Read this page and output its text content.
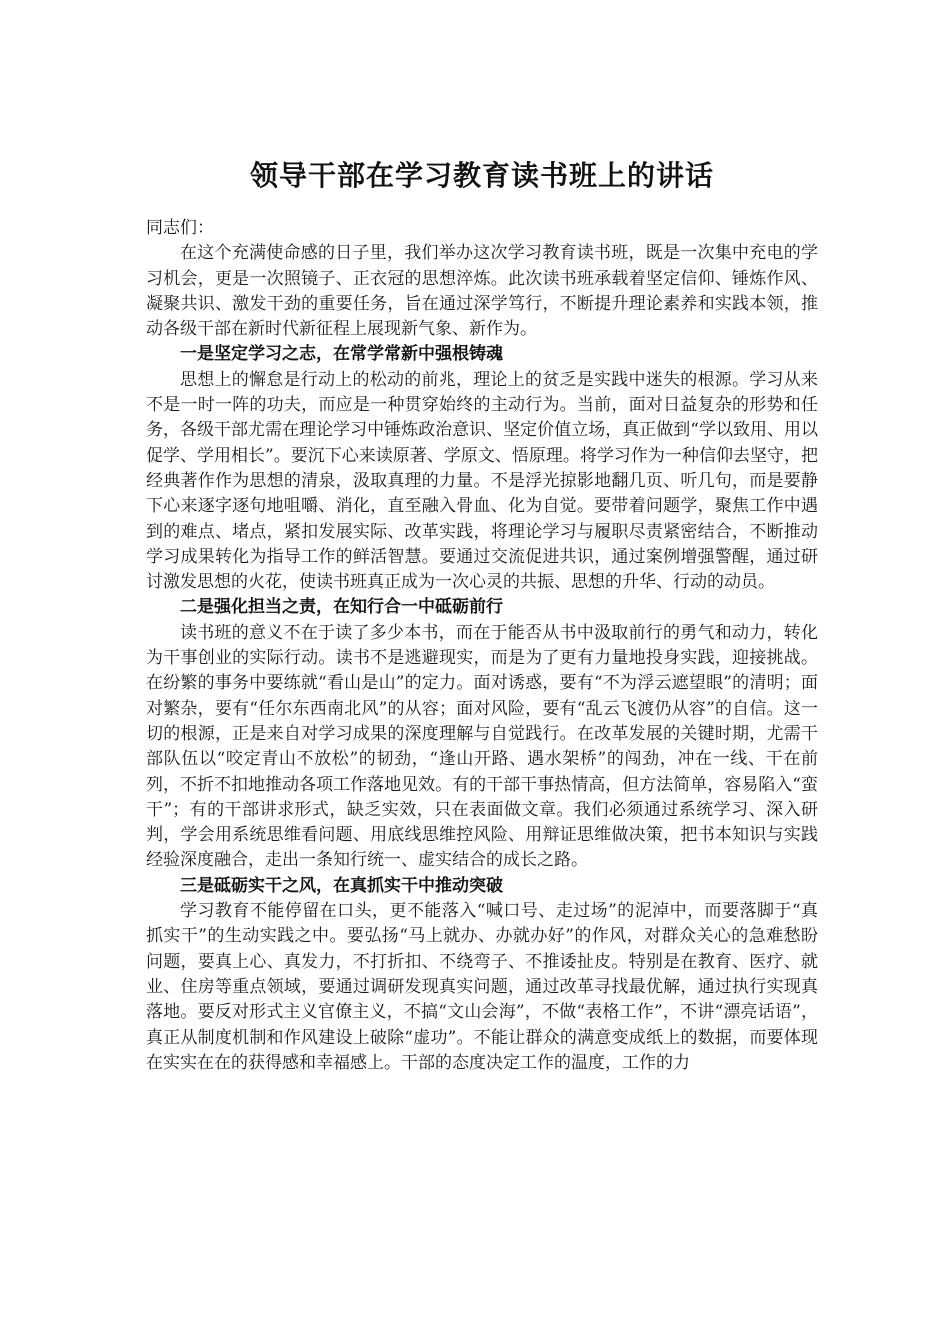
领导干部在学习教育读书班上的讲话

同志们：

在这个充满使命感的日子里，我们举办这次学习教育读书班，既是一次集中充电的学习机会，更是一次照镜子、正衣冠的思想淬炼。此次读书班承载着坚定信仰、锤炼作风、凝聚共识、激发干劲的重要任务，旨在通过深学笃行，不断提升理论素养和实践本领，推动各级干部在新时代新征程上展现新气象、新作为。

一是坚定学习之志，在常学常新中强根铸魂

思想上的懈怠是行动上的松动的前兆，理论上的贫乏是实践中迷失的根源。学习从来不是一时一阵的功夫，而应是一种贯穿始终的主动行为。当前，面对日益复杂的形势和任务，各级干部尤需在理论学习中锤炼政治意识、坚定价值立场，真正做到“学以致用、用以促学、学用相长”。要沉下心来读原著、学原文、悟原理。将学习作为一种信仰去坚守，把经典著作作为思想的清泉，汲取真理的力量。不是浮光掠影地翻几页、听几句，而是要静下心来逐字逐句地咀嚼、消化，直至融入骨血、化为自觉。要带着问题学，聚焦工作中遇到的难点、堵点，紧扣发展实际、改革实践，将理论学习与履职尽责紧密结合，不断推动学习成果转化为指导工作的鲜活智慧。要通过交流促进共识，通过案例增强警醒，通过研讨激发思想的火花，使读书班真正成为一次心灵的共振、思想的升华、行动的动员。

二是强化担当之责，在知行合一中砥砺前行

读书班的意义不在于读了多少本书，而在于能否从书中汲取前行的勇气和动力，转化为干事创业的实际行动。读书不是逃避现实，而是为了更有力量地投身实践，迎接挑战。在纷繁的事务中要练就“看山是山”的定力。面对诱惑，要有“不为浮云遮望眼”的清明；面对繁杂，要有“任尔东西南北风”的从容；面对风险，要有“乱云飞渡仍从容”的自信。这一切的根源，正是来自对学习成果的深度理解与自觉践行。在改革发展的关键时期，尤需干部队伍以“咬定青山不放松”的韧劲，“逢山开路、遇水架桥”的闯劲，冲在一线、干在前列，不折不扣地推动各项工作落地见效。有的干部干事热情高，但方法简单，容易陷入“蛮干”；有的干部讲求形式，缺乏实效，只在表面做文章。我们必须通过系统学习、深入研判，学会用系统思维看问题、用底线思维控风险、用辩证思维做决策，把书本知识与实践经验深度融合，走出一条知行统一、虚实结合的成长之路。

三是砥砺实干之风，在真抓实干中推动突破

学习教育不能停留在口头，更不能落入“喊口号、走过场”的泥淖中，而要落脚于“真抓实干”的生动实践之中。要弘扬“马上就办、办就办好”的作风，对群众关心的急难愁盼问题，要真上心、真发力，不打折扣、不绕弯子、不推诿扯皮。特别是在教育、医疗、就业、住房等重点领域，要通过调研发现真实问题，通过改革寻找最优解，通过执行实现真落地。要反对形式主义官僚主义，不搞“文山会海”，不做“表格工作”，不讲“漂亮话语”，真正从制度机制和作风建设上破除“虚功”。不能让群众的满意变成纸上的数据，而要体现在实实在在的获得感和幸福感上。干部的态度决定工作的温度，工作的力
